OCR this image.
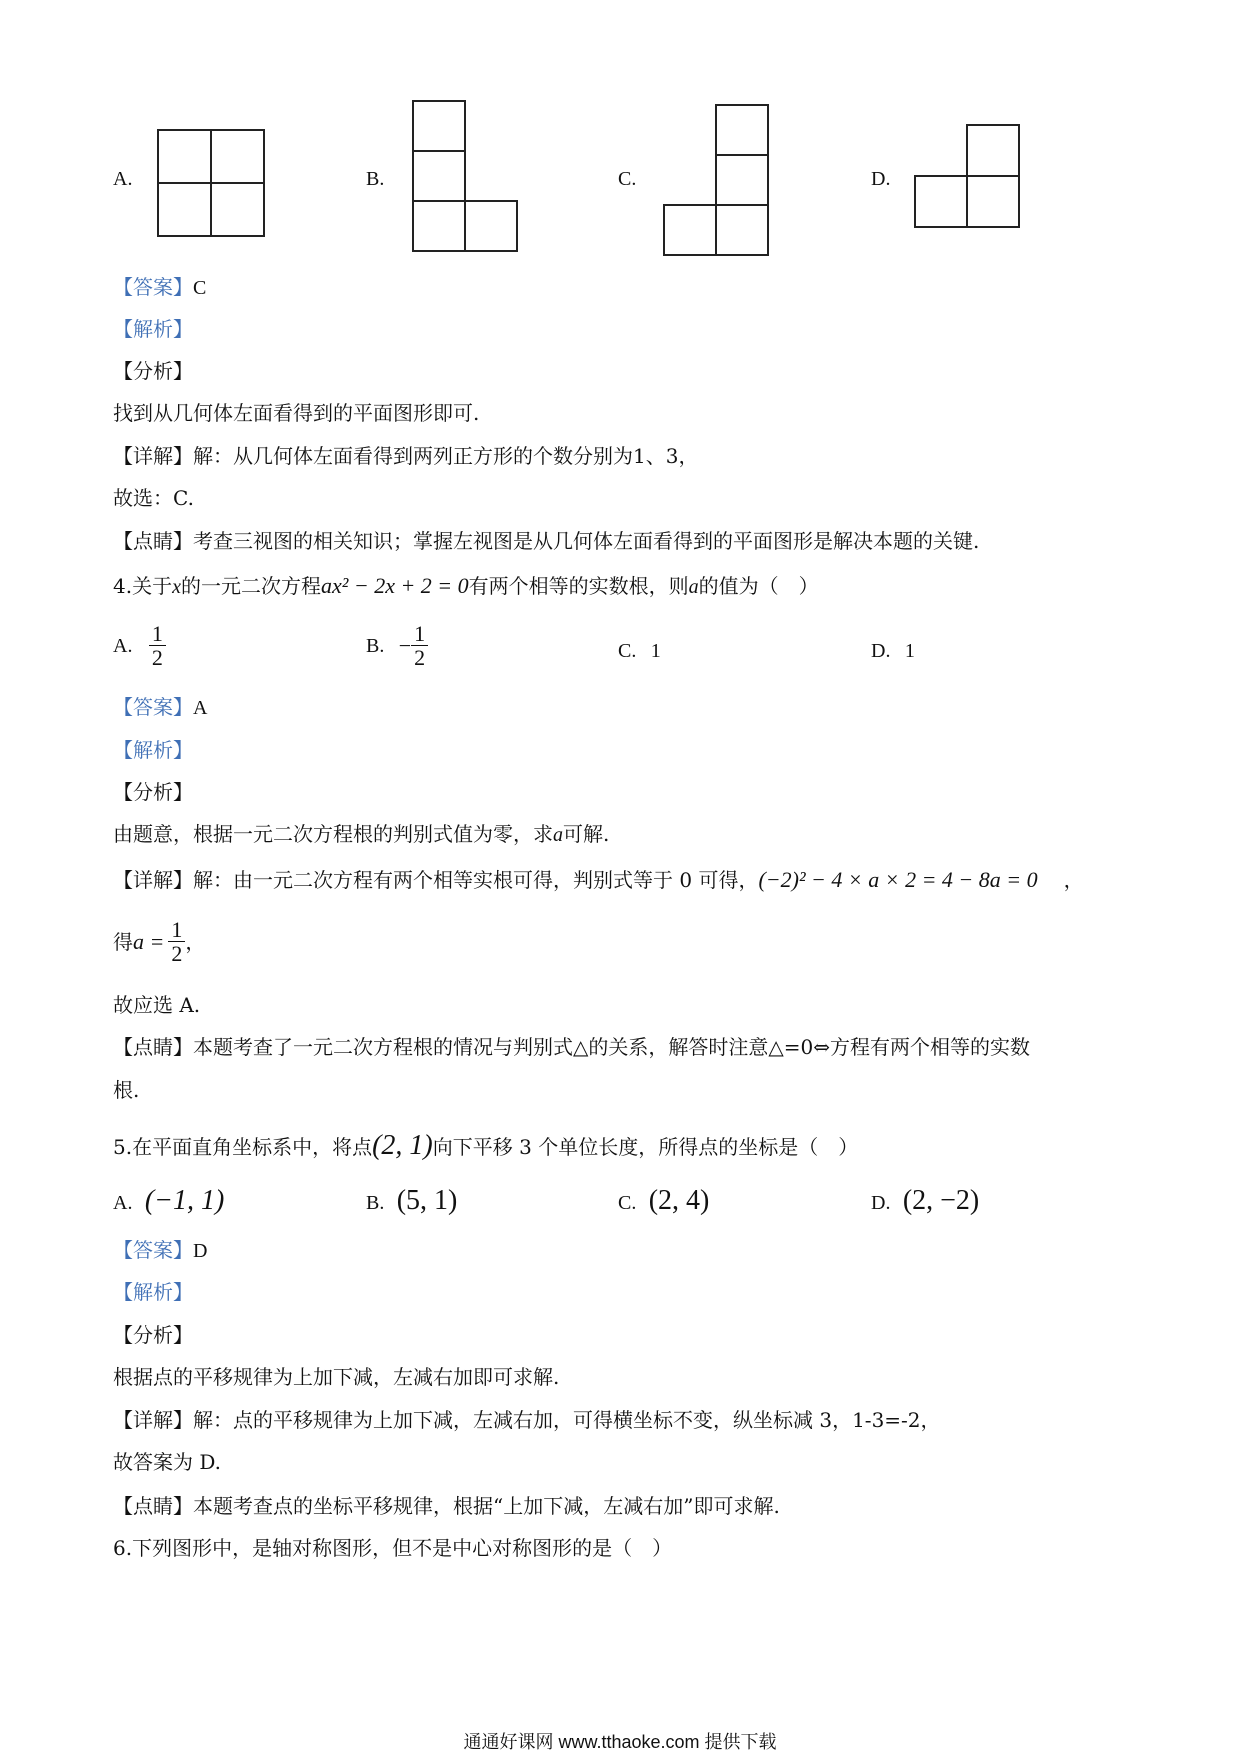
A.	B.	C.	D.
【答案】C
【解析】
【分析】
找到从几何体左面看得到的平面图形即可.
【详解】解：从几何体左面看得到两列正方形的个数分别为1、3，
故选：C.
【点睛】考查三视图的相关知识；掌握左视图是从几何体左面看得到的平面图形是解决本题的关键.
4.关于x的一元二次方程ax² − 2x + 2 = 0有两个相等的实数根，则a的值为（　）
A. $\frac{1}{2}$	B. − $\frac{1}{2}$	C. 1	D. 1
【答案】A
【解析】
【分析】
由题意，根据一元二次方程根的判别式值为零，求a可解.
【详解】解：由一元二次方程有两个相等实根可得，判别式等于 0 可得，(−2)² − 4 × a × 2 = 4 − 8a = 0 ，
得$a = \frac{1}{2}$ ，
故应选 A.
【点睛】本题考查了一元二次方程根的情况与判别式△的关系，解答时注意△=0⇔方程有两个相等的实数
根.
5.在平面直角坐标系中，将点(2, 1)向下平移 3 个单位长度，所得点的坐标是（　）
A. (−1, 1)	B. (5, 1)	C. (2, 4)	D. (2, −2)
【答案】D
【解析】
【分析】
根据点的平移规律为上加下减，左减右加即可求解.
【详解】解：点的平移规律为上加下减，左减右加，可得横坐标不变，纵坐标减 3，1-3=-2，
故答案为 D.
【点睛】本题考查点的坐标平移规律，根据“上加下减，左减右加”即可求解.
6.下列图形中，是轴对称图形，但不是中心对称图形的是（　）
通通好课网 www.tthaoke.com 提供下载
